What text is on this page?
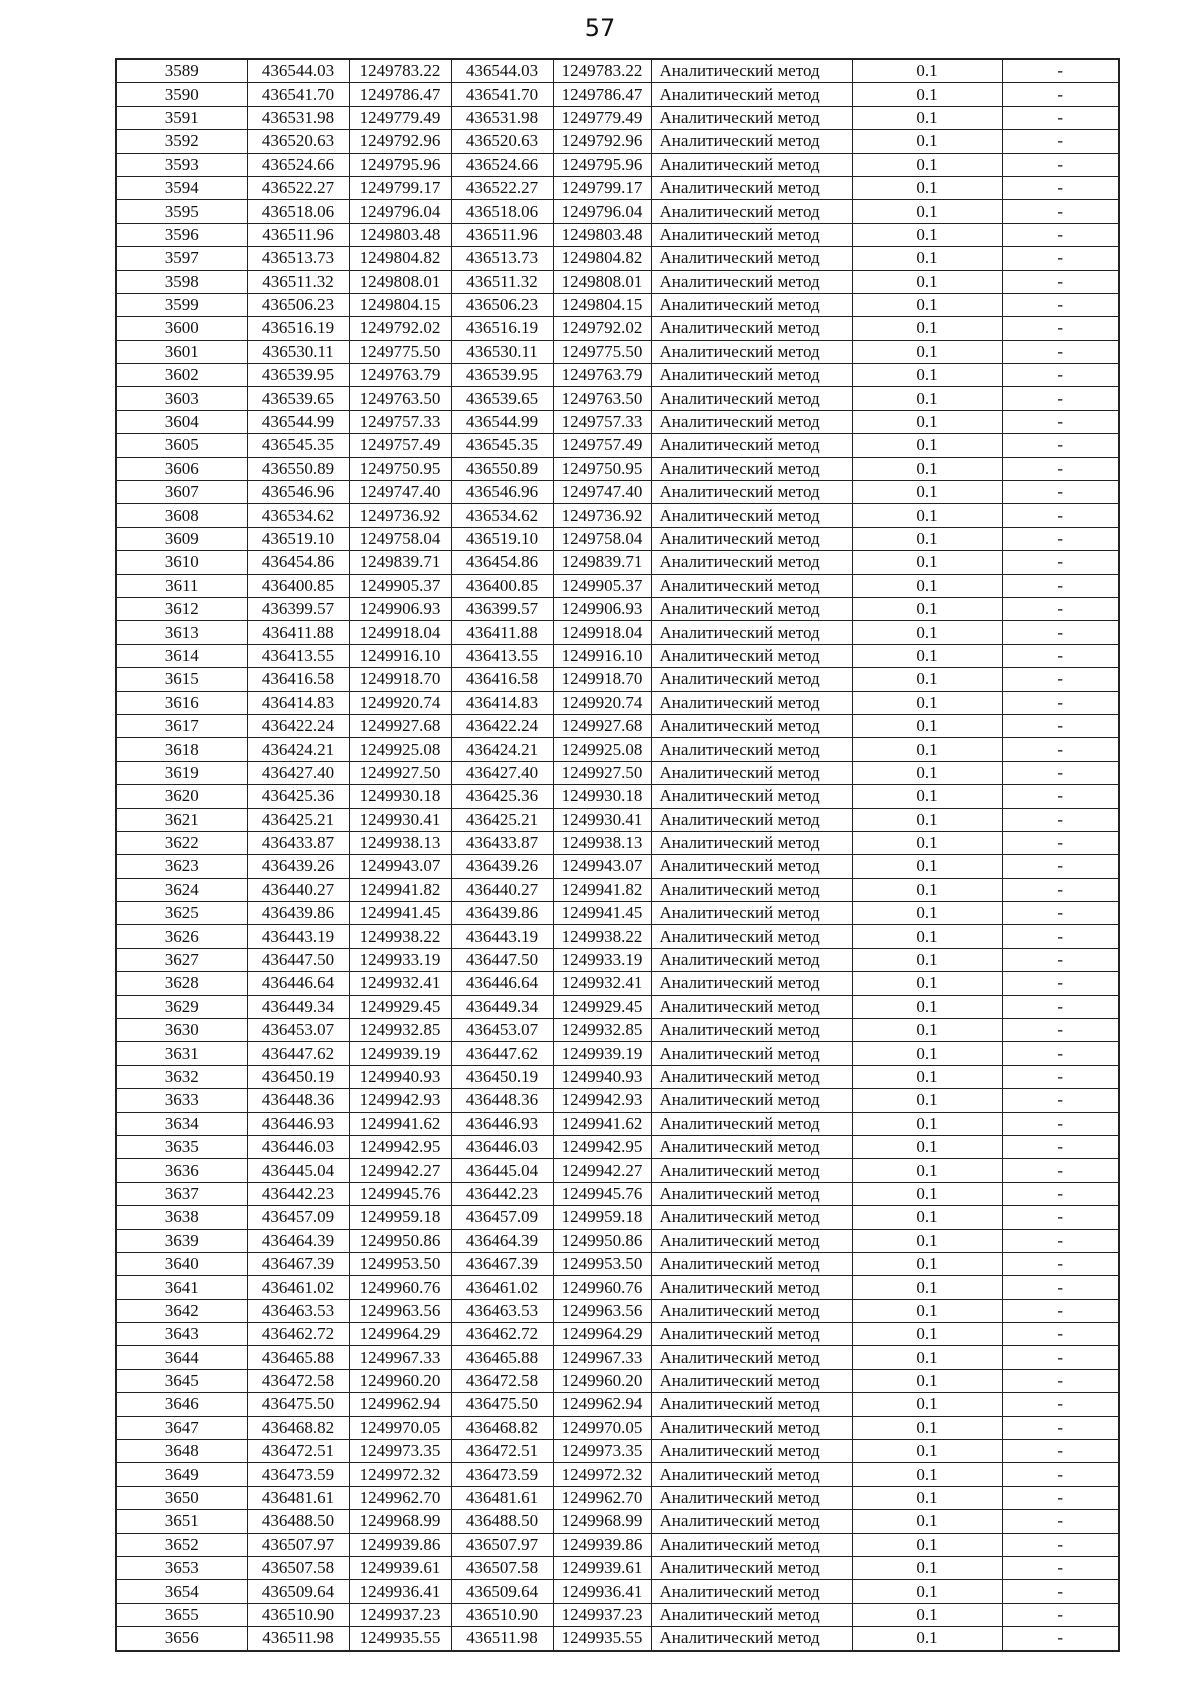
57
3589	436544.03	1249783.22	436544.03	1249783.22	Аналитический метод	0.1	-
3590	436541.70	1249786.47	436541.70	1249786.47	Аналитический метод	0.1	-
3591	436531.98	1249779.49	436531.98	1249779.49	Аналитический метод	0.1	-
3592	436520.63	1249792.96	436520.63	1249792.96	Аналитический метод	0.1	-
3593	436524.66	1249795.96	436524.66	1249795.96	Аналитический метод	0.1	-
3594	436522.27	1249799.17	436522.27	1249799.17	Аналитический метод	0.1	-
3595	436518.06	1249796.04	436518.06	1249796.04	Аналитический метод	0.1	-
3596	436511.96	1249803.48	436511.96	1249803.48	Аналитический метод	0.1	-
3597	436513.73	1249804.82	436513.73	1249804.82	Аналитический метод	0.1	-
3598	436511.32	1249808.01	436511.32	1249808.01	Аналитический метод	0.1	-
3599	436506.23	1249804.15	436506.23	1249804.15	Аналитический метод	0.1	-
3600	436516.19	1249792.02	436516.19	1249792.02	Аналитический метод	0.1	-
3601	436530.11	1249775.50	436530.11	1249775.50	Аналитический метод	0.1	-
3602	436539.95	1249763.79	436539.95	1249763.79	Аналитический метод	0.1	-
3603	436539.65	1249763.50	436539.65	1249763.50	Аналитический метод	0.1	-
3604	436544.99	1249757.33	436544.99	1249757.33	Аналитический метод	0.1	-
3605	436545.35	1249757.49	436545.35	1249757.49	Аналитический метод	0.1	-
3606	436550.89	1249750.95	436550.89	1249750.95	Аналитический метод	0.1	-
3607	436546.96	1249747.40	436546.96	1249747.40	Аналитический метод	0.1	-
3608	436534.62	1249736.92	436534.62	1249736.92	Аналитический метод	0.1	-
3609	436519.10	1249758.04	436519.10	1249758.04	Аналитический метод	0.1	-
3610	436454.86	1249839.71	436454.86	1249839.71	Аналитический метод	0.1	-
3611	436400.85	1249905.37	436400.85	1249905.37	Аналитический метод	0.1	-
3612	436399.57	1249906.93	436399.57	1249906.93	Аналитический метод	0.1	-
3613	436411.88	1249918.04	436411.88	1249918.04	Аналитический метод	0.1	-
3614	436413.55	1249916.10	436413.55	1249916.10	Аналитический метод	0.1	-
3615	436416.58	1249918.70	436416.58	1249918.70	Аналитический метод	0.1	-
3616	436414.83	1249920.74	436414.83	1249920.74	Аналитический метод	0.1	-
3617	436422.24	1249927.68	436422.24	1249927.68	Аналитический метод	0.1	-
3618	436424.21	1249925.08	436424.21	1249925.08	Аналитический метод	0.1	-
3619	436427.40	1249927.50	436427.40	1249927.50	Аналитический метод	0.1	-
3620	436425.36	1249930.18	436425.36	1249930.18	Аналитический метод	0.1	-
3621	436425.21	1249930.41	436425.21	1249930.41	Аналитический метод	0.1	-
3622	436433.87	1249938.13	436433.87	1249938.13	Аналитический метод	0.1	-
3623	436439.26	1249943.07	436439.26	1249943.07	Аналитический метод	0.1	-
3624	436440.27	1249941.82	436440.27	1249941.82	Аналитический метод	0.1	-
3625	436439.86	1249941.45	436439.86	1249941.45	Аналитический метод	0.1	-
3626	436443.19	1249938.22	436443.19	1249938.22	Аналитический метод	0.1	-
3627	436447.50	1249933.19	436447.50	1249933.19	Аналитический метод	0.1	-
3628	436446.64	1249932.41	436446.64	1249932.41	Аналитический метод	0.1	-
3629	436449.34	1249929.45	436449.34	1249929.45	Аналитический метод	0.1	-
3630	436453.07	1249932.85	436453.07	1249932.85	Аналитический метод	0.1	-
3631	436447.62	1249939.19	436447.62	1249939.19	Аналитический метод	0.1	-
3632	436450.19	1249940.93	436450.19	1249940.93	Аналитический метод	0.1	-
3633	436448.36	1249942.93	436448.36	1249942.93	Аналитический метод	0.1	-
3634	436446.93	1249941.62	436446.93	1249941.62	Аналитический метод	0.1	-
3635	436446.03	1249942.95	436446.03	1249942.95	Аналитический метод	0.1	-
3636	436445.04	1249942.27	436445.04	1249942.27	Аналитический метод	0.1	-
3637	436442.23	1249945.76	436442.23	1249945.76	Аналитический метод	0.1	-
3638	436457.09	1249959.18	436457.09	1249959.18	Аналитический метод	0.1	-
3639	436464.39	1249950.86	436464.39	1249950.86	Аналитический метод	0.1	-
3640	436467.39	1249953.50	436467.39	1249953.50	Аналитический метод	0.1	-
3641	436461.02	1249960.76	436461.02	1249960.76	Аналитический метод	0.1	-
3642	436463.53	1249963.56	436463.53	1249963.56	Аналитический метод	0.1	-
3643	436462.72	1249964.29	436462.72	1249964.29	Аналитический метод	0.1	-
3644	436465.88	1249967.33	436465.88	1249967.33	Аналитический метод	0.1	-
3645	436472.58	1249960.20	436472.58	1249960.20	Аналитический метод	0.1	-
3646	436475.50	1249962.94	436475.50	1249962.94	Аналитический метод	0.1	-
3647	436468.82	1249970.05	436468.82	1249970.05	Аналитический метод	0.1	-
3648	436472.51	1249973.35	436472.51	1249973.35	Аналитический метод	0.1	-
3649	436473.59	1249972.32	436473.59	1249972.32	Аналитический метод	0.1	-
3650	436481.61	1249962.70	436481.61	1249962.70	Аналитический метод	0.1	-
3651	436488.50	1249968.99	436488.50	1249968.99	Аналитический метод	0.1	-
3652	436507.97	1249939.86	436507.97	1249939.86	Аналитический метод	0.1	-
3653	436507.58	1249939.61	436507.58	1249939.61	Аналитический метод	0.1	-
3654	436509.64	1249936.41	436509.64	1249936.41	Аналитический метод	0.1	-
3655	436510.90	1249937.23	436510.90	1249937.23	Аналитический метод	0.1	-
3656	436511.98	1249935.55	436511.98	1249935.55	Аналитический метод	0.1	-
